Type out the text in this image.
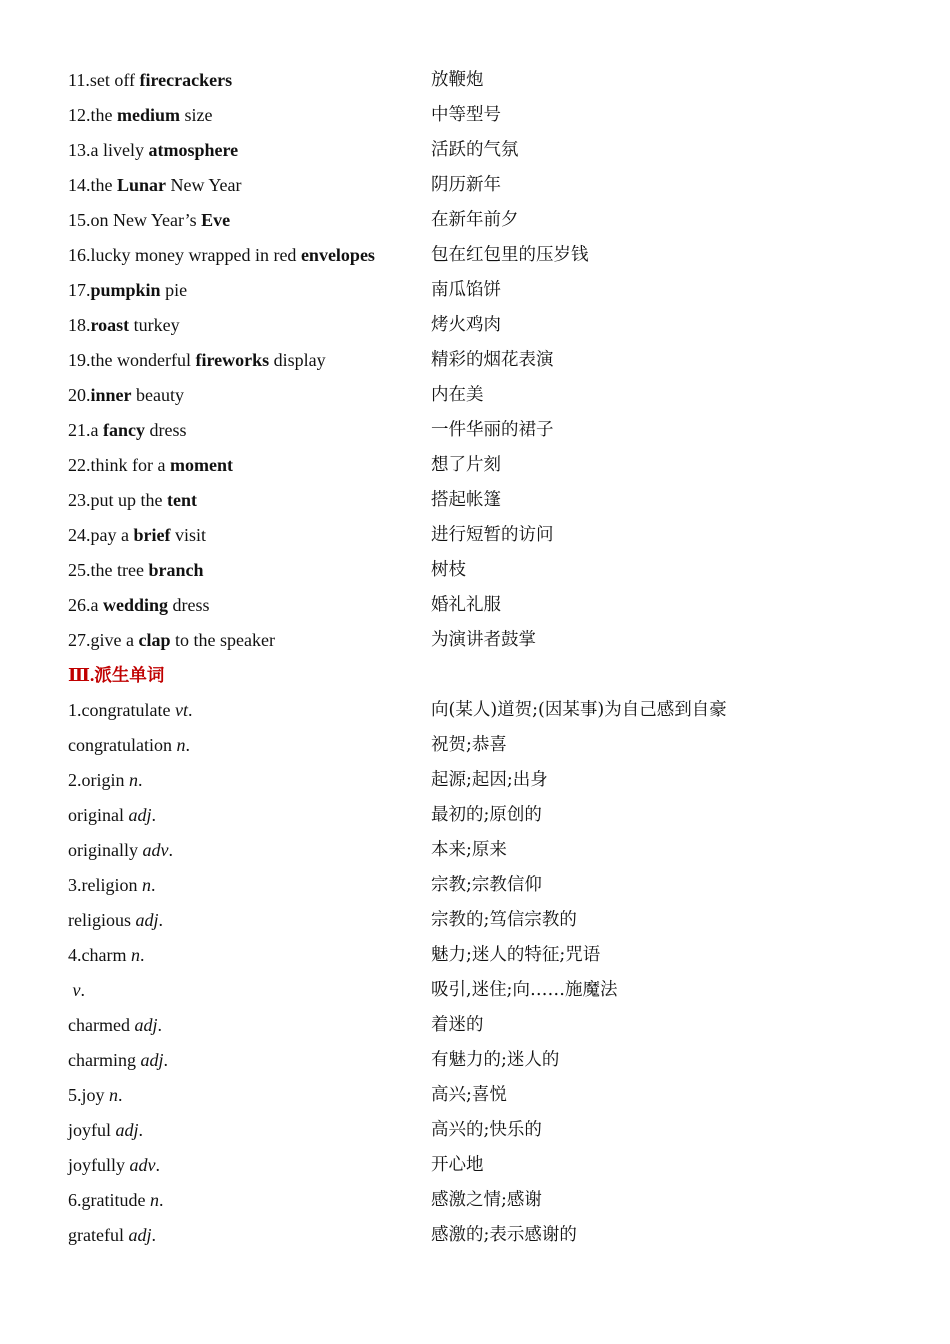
11.set off firecrackers	放鞭炮
12.the medium size	中等型号
13.a lively atmosphere	活跃的气氛
14.the Lunar New Year	阴历新年
15.on New Year’s Eve	在新年前夕
16.lucky money wrapped in red envelopes	包在红包里的压岁钱
17.pumpkin pie	南瓜馅饼
18.roast turkey	烤火鸡肉
19.the wonderful fireworks display	精彩的烟花表演
20.inner beauty	内在美
21.a fancy dress	一件华丽的裙子
22.think for a moment	想了片刻
23.put up the tent	搭起帐篷
24.pay a brief visit	进行短暂的访问
25.the tree branch	树枝
26.a wedding dress	婚礼礼服
27.give a clap to the speaker	为演讲者鼓掌
Ⅲ.派生单词
1.congratulate vt.	向(某人)道贺;(因某事)为自己感到自豪
congratulation n.	祝贺;恭喜
2.origin n.	起源;起因;出身
original adj.	最初的;原创的
originally adv.	本来;原来
3.religion n.	宗教;宗教信仰
religious adj.	宗教的;笃信宗教的
4.charm n.	魅力;迷人的特征;咒语
v.	吸引,迷住;向……施魔法
charmed adj.	着迷的
charming adj.	有魅力的;迷人的
5.joy n.	高兴;喜悦
joyful adj.	高兴的;快乐的
joyfully adv.	开心地
6.gratitude n.	感激之情;感谢
grateful adj.	感激的;表示感谢的
